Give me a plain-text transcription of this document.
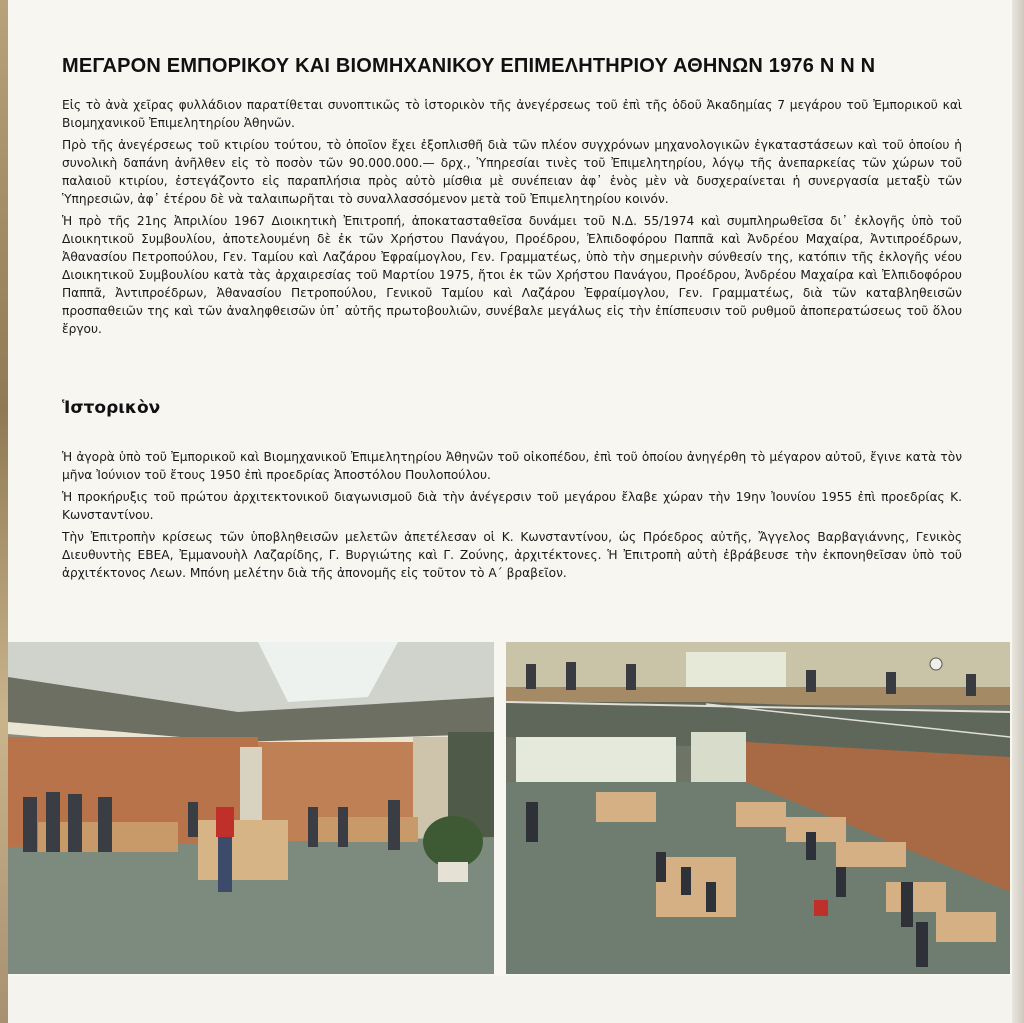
ΜΕΓΑΡΟΝ ΕΜΠΟΡΙΚΟΥ ΚΑΙ ΒΙΟΜΗΧΑΝΙΚΟΥ ΕΠΙΜΕΛΗΤΗΡΙΟΥ ΑΘΗΝΩΝ 1976 Ν Ν Ν

Εἰς τὸ ἀνὰ χεῖρας φυλλάδιον παρατίθεται συνοπτικῶς τὸ ἱστορικὸν τῆς ἀνεγέρσεως τοῦ ἐπὶ τῆς ὁδοῦ Ἀκαδημίας 7 μεγάρου τοῦ Ἐμπορικοῦ καὶ Βιομηχανικοῦ Ἐπιμελητηρίου Ἀθηνῶν.

Πρὸ τῆς ἀνεγέρσεως τοῦ κτιρίου τούτου, τὸ ὁποῖον ἔχει ἐξοπλισθῆ διὰ τῶν πλέον συγχρόνων μηχανολογικῶν ἐγκαταστάσεων καὶ τοῦ ὁποίου ἡ συνολικὴ δαπάνη ἀνῆλθεν εἰς τὸ ποσὸν τῶν 90.000.000.— δρχ., Ὑπηρεσίαι τινὲς τοῦ Ἐπιμελητηρίου, λόγῳ τῆς ἀνεπαρκείας τῶν χώρων τοῦ παλαιοῦ κτιρίου, ἐστεγάζοντο εἰς παραπλήσια πρὸς αὐτὸ μίσθια μὲ συνέπειαν ἀφ᾽ ἑνὸς μὲν νὰ δυσχεραίνεται ἡ συνεργασία μεταξὺ τῶν Ὑπηρεσιῶν, ἀφ᾽ ἑτέρου δὲ νὰ ταλαιπωρῆται τὸ συναλλασσόμενον μετὰ τοῦ Ἐπιμελητηρίου κοινόν.

Ἡ πρὸ τῆς 21ης Ἀπριλίου 1967 Διοικητικὴ Ἐπιτροπή, ἀποκατασταθεῖσα δυνάμει τοῦ Ν.Δ. 55/1974 καὶ συμπληρωθεῖσα δι᾽ ἐκλογῆς ὑπὸ τοῦ Διοικητικοῦ Συμβουλίου, ἀποτελουμένη δὲ ἐκ τῶν Χρήστου Πανάγου, Προέδρου, Ἐλπιδοφόρου Παππᾶ καὶ Ἀνδρέου Μαχαίρα, Ἀντιπροέδρων, Ἀθανασίου Πετροπούλου, Γεν. Ταμίου καὶ Λαζάρου Ἐφραίμογλου, Γεν. Γραμματέως, ὑπὸ τὴν σημερινὴν σύνθεσίν της, κατόπιν τῆς ἐκλογῆς νέου Διοικητικοῦ Συμβουλίου κατὰ τὰς ἀρχαιρεσίας τοῦ Μαρτίου 1975, ἤτοι ἐκ τῶν Χρήστου Πανάγου, Προέδρου, Ἀνδρέου Μαχαίρα καὶ Ἐλπιδοφόρου Παππᾶ, Ἀντιπροέδρων, Ἀθανασίου Πετροπούλου, Γενικοῦ Ταμίου καὶ Λαζάρου Ἐφραίμογλου, Γεν. Γραμματέως, διὰ τῶν καταβληθεισῶν προσπαθειῶν της καὶ τῶν ἀναληφθεισῶν ὑπ᾽ αὐτῆς πρωτοβουλιῶν, συνέβαλε μεγάλως εἰς τὴν ἐπίσπευσιν τοῦ ρυθμοῦ ἀποπερατώσεως τοῦ ὅλου ἔργου.

Ἱστορικὸν

Ἡ ἀγορὰ ὑπὸ τοῦ Ἐμπορικοῦ καὶ Βιομηχανικοῦ Ἐπιμελητηρίου Ἀθηνῶν τοῦ οἰκοπέδου, ἐπὶ τοῦ ὁποίου ἀνηγέρθη τὸ μέγαρον αὐτοῦ, ἔγινε κατὰ τὸν μῆνα Ἰούνιον τοῦ ἔτους 1950 ἐπὶ προεδρίας Ἀποστόλου Πουλοπούλου.

Ἡ προκήρυξις τοῦ πρώτου ἀρχιτεκτονικοῦ διαγωνισμοῦ διὰ τὴν ἀνέγερσιν τοῦ μεγάρου ἔλαβε χώραν τὴν 19ην Ἰουνίου 1955 ἐπὶ προεδρίας Κ. Κωνσταντίνου.

Τὴν Ἐπιτροπὴν κρίσεως τῶν ὑποβληθεισῶν μελετῶν ἀπετέλεσαν οἱ Κ. Κωνσταντίνου, ὡς Πρόεδρος αὐτῆς, Ἄγγελος Βαρβαγιάννης, Γενικὸς Διευθυντὴς ΕΒΕΑ, Ἐμμανουὴλ Λαζαρίδης, Γ. Βυργιώτης καὶ Γ. Ζούνης, ἀρχιτέκτονες. Ἡ Ἐπιτροπὴ αὐτὴ ἐβράβευσε τὴν ἐκπονηθεῖσαν ὑπὸ τοῦ ἀρχιτέκτονος Λεων. Μπόνη μελέτην διὰ τῆς ἀπονομῆς εἰς τοῦτον τὸ Α΄ βραβεῖον.
